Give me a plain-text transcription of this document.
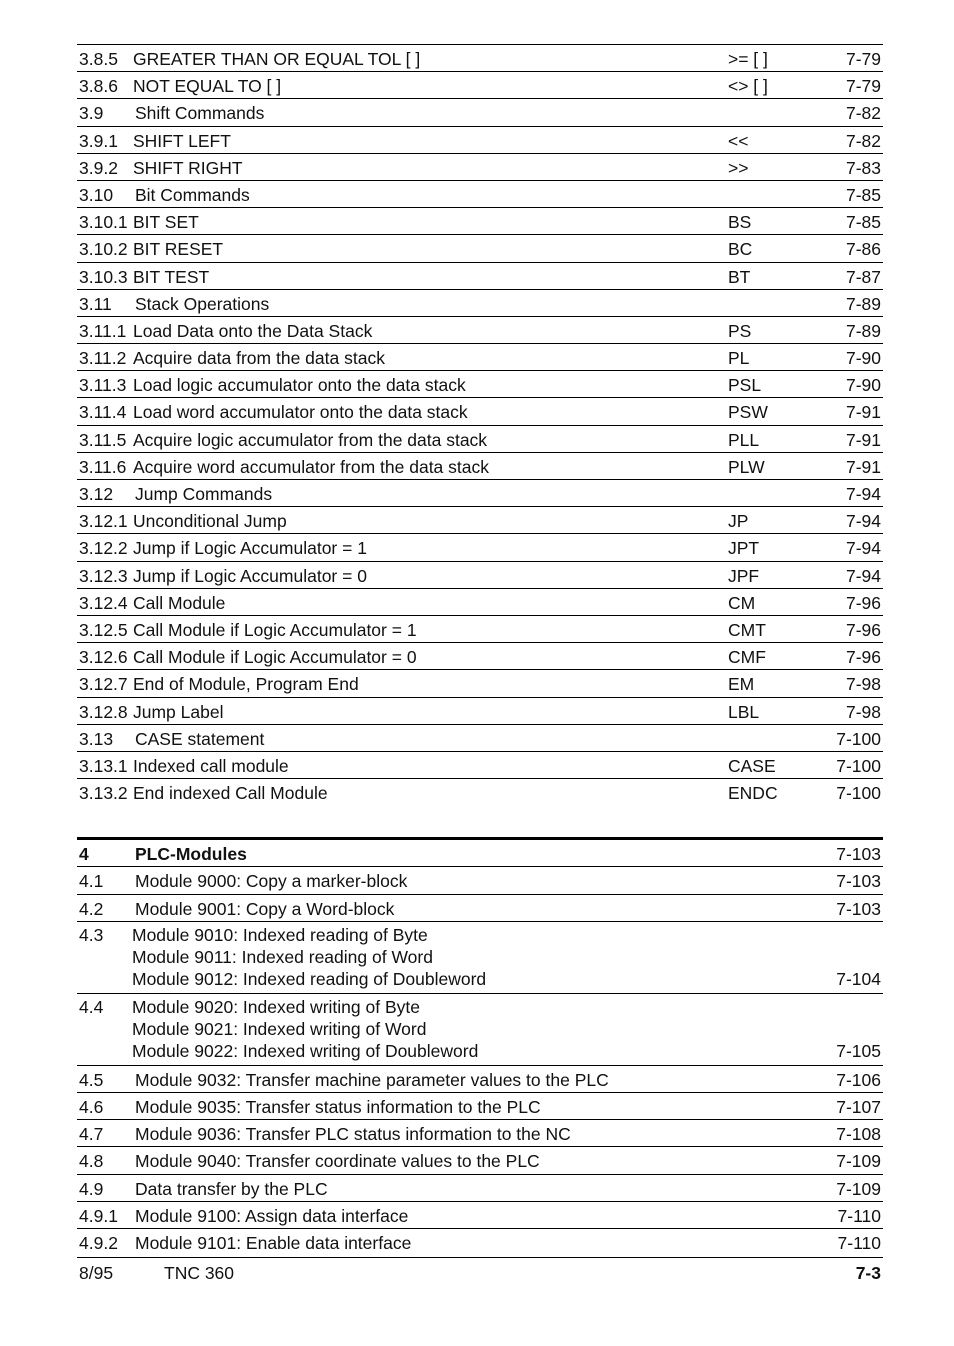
3.8.5 GREATER THAN OR EQUAL TOL [ ]	>= [ ]	7-79
3.8.6 NOT EQUAL TO [ ]	<> [ ]	7-79
3.9 Shift Commands	7-82
3.9.1 SHIFT LEFT	<<	7-82
3.9.2 SHIFT RIGHT	>>	7-83
3.10 Bit Commands	7-85
3.10.1 BIT SET	BS	7-85
3.10.2 BIT RESET	BC	7-86
3.10.3 BIT TEST	BT	7-87
3.11 Stack Operations	7-89
3.11.1 Load Data onto the Data Stack	PS	7-89
3.11.2 Acquire data from the data stack	PL	7-90
3.11.3 Load logic accumulator onto the data stack	PSL	7-90
3.11.4 Load word accumulator onto the data stack	PSW	7-91
3.11.5 Acquire logic accumulator from the data stack	PLL	7-91
3.11.6 Acquire word accumulator from the data stack	PLW	7-91
3.12 Jump Commands	7-94
3.12.1 Unconditional Jump	JP	7-94
3.12.2 Jump if Logic Accumulator = 1	JPT	7-94
3.12.3 Jump if Logic Accumulator = 0	JPF	7-94
3.12.4 Call Module	CM	7-96
3.12.5 Call Module if Logic Accumulator = 1	CMT	7-96
3.12.6 Call Module if Logic Accumulator = 0	CMF	7-96
3.12.7 End of Module, Program End	EM	7-98
3.12.8 Jump Label	LBL	7-98
3.13 CASE statement	7-100
3.13.1 Indexed call module	CASE	7-100
3.13.2 End indexed Call Module	ENDC	7-100
4	PLC-Modules	7-103
4.1 Module 9000: Copy a marker-block	7-103
4.2 Module 9001: Copy a Word-block	7-103
4.3 Module 9010: Indexed reading of Byte
Module 9011: Indexed reading of Word
Module 9012: Indexed reading of Doubleword	7-104
4.4 Module 9020: Indexed writing of Byte
Module 9021: Indexed writing of Word
Module 9022: Indexed writing of Doubleword	7-105
4.5 Module 9032: Transfer machine parameter values to the PLC	7-106
4.6 Module 9035: Transfer status information to the PLC	7-107
4.7 Module 9036: Transfer PLC status information to the NC	7-108
4.8 Module 9040: Transfer coordinate values to the PLC	7-109
4.9 Data transfer by the PLC	7-109
4.9.1 Module 9100: Assign data interface	7-110
4.9.2 Module 9101: Enable data interface	7-110
8/95	TNC 360	7-3
